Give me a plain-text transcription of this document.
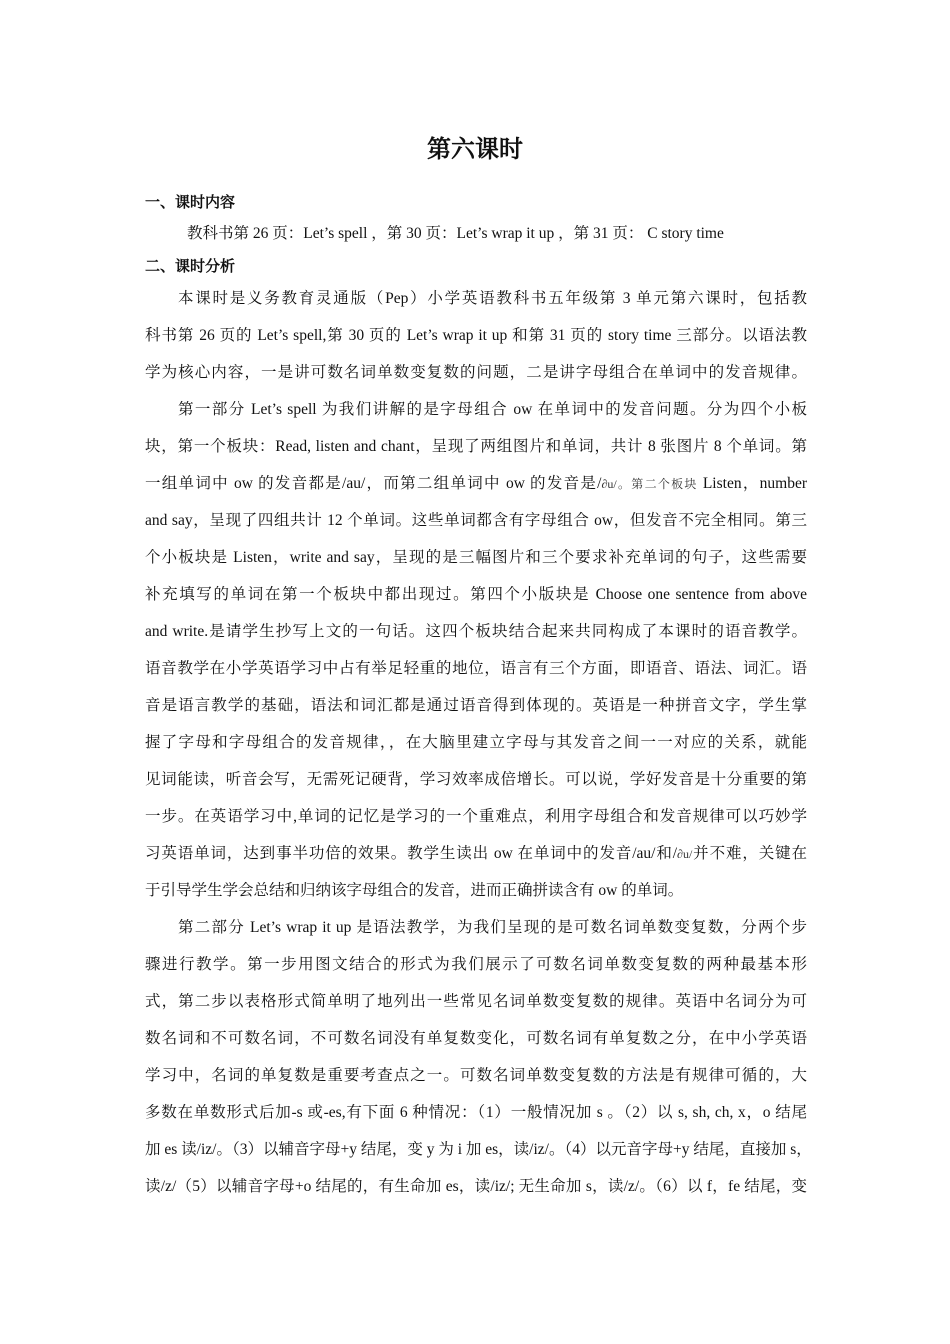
第六课时
一、课时内容
教科书第 26 页：Let’s spell ，第 30 页：Let’s wrap it up ，第 31 页： C story time
二、课时分析
本课时是义务教育灵通版（Pep）小学英语教科书五年级第 3 单元第六课时，包括教
科书第 26 页的 Let’s spell,第 30 页的 Let’s wrap it up 和第 31 页的 story time 三部分。以语法教
学为核心内容，一是讲可数名词单数变复数的问题，二是讲字母组合在单词中的发音规律。
第一部分 Let’s spell 为我们讲解的是字母组合 ow 在单词中的发音问题。分为四个小板
块，第一个板块：Read, listen and chant，呈现了两组图片和单词，共计 8 张图片 8 个单词。第
一组单词中 ow 的发音都是/au/，而第二组单词中 ow 的发音是/∂u/。第二个板块 Listen，number
and say，呈现了四组共计 12 个单词。这些单词都含有字母组合 ow，但发音不完全相同。第三
个小板块是 Listen，write and say，呈现的是三幅图片和三个要求补充单词的句子，这些需要
补充填写的单词在第一个板块中都出现过。第四个小版块是 Choose one sentence from above
and write.是请学生抄写上文的一句话。这四个板块结合起来共同构成了本课时的语音教学。
语音教学在小学英语学习中占有举足轻重的地位，语言有三个方面，即语音、语法、词汇。语
音是语言教学的基础，语法和词汇都是通过语音得到体现的。英语是一种拼音文字，学生掌
握了字母和字母组合的发音规律，，在大脑里建立字母与其发音之间一一对应的关系，就能
见词能读，听音会写，无需死记硬背，学习效率成倍增长。可以说，学好发音是十分重要的第
一步。在英语学习中,单词的记忆是学习的一个重难点，利用字母组合和发音规律可以巧妙学
习英语单词，达到事半功倍的效果。教学生读出 ow 在单词中的发音/au/和/∂u/并不难，关键在
于引导学生学会总结和归纳该字母组合的发音，进而正确拼读含有 ow 的单词。
第二部分 Let’s wrap it up 是语法教学，为我们呈现的是可数名词单数变复数，分两个步
骤进行教学。第一步用图文结合的形式为我们展示了可数名词单数变复数的两种最基本形
式，第二步以表格形式简单明了地列出一些常见名词单数变复数的规律。英语中名词分为可
数名词和不可数名词，不可数名词没有单复数变化，可数名词有单复数之分，在中小学英语
学习中，名词的单复数是重要考查点之一。可数名词单数变复数的方法是有规律可循的，大
多数在单数形式后加-s 或-es,有下面 6 种情况：（1）一般情况加 s 。（2）以 s, sh, ch, x，o 结尾
加 es 读/iz/。（3）以辅音字母+y 结尾，变 y 为 i 加 es，读/iz/。（4）以元音字母+y 结尾，直接加 s，
读/z/（5）以辅音字母+o 结尾的，有生命加 es，读/iz/; 无生命加 s，读/z/。（6）以 f，fe 结尾，变
